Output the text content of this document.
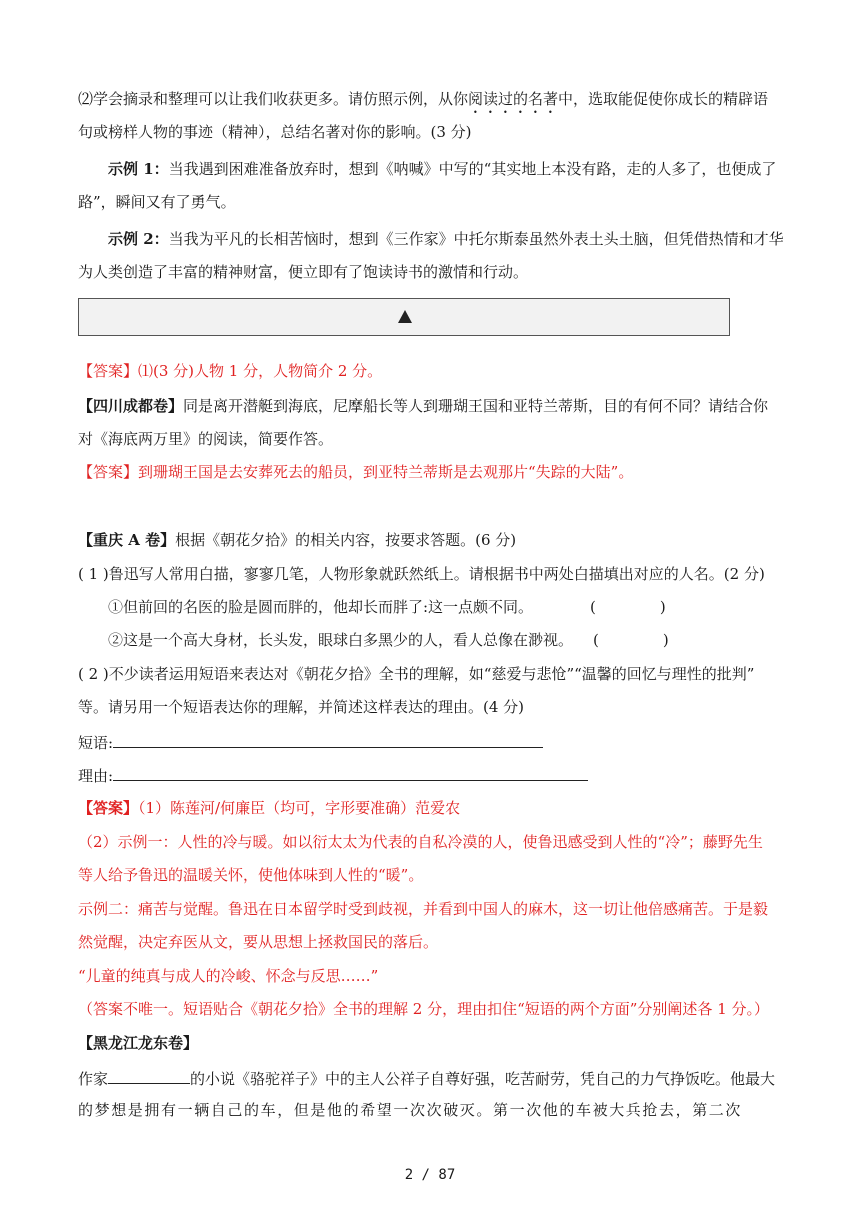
⑵学会摘录和整理可以让我们收获更多。请仿照示例，从你阅读过的名著中，选取能促使你成长的精辟语
句或榜样人物的事迹（精神），总结名著对你的影响。(3 分)
示例 1：当我遇到困难准备放弃时，想到《呐喊》中写的“其实地上本没有路，走的人多了，也便成了
路”，瞬间又有了勇气。
示例 2：当我为平凡的长相苦恼时，想到《三作家》中托尔斯泰虽然外表土头土脑，但凭借热情和才华
为人类创造了丰富的精神财富，便立即有了饱读诗书的激情和行动。
【答案】⑴(3 分)人物 1 分，人物简介 2 分。
【四川成都卷】同是离开潜艇到海底，尼摩船长等人到珊瑚王国和亚特兰蒂斯，目的有何不同？请结合你
对《海底两万里》的阅读，简要作答。
【答案】到珊瑚王国是去安葬死去的船员，到亚特兰蒂斯是去观那片“失踪的大陆”。
【重庆 A 卷】根据《朝花夕拾》的相关内容，按要求答题。(6 分)
( 1 )鲁迅写人常用白描，寥寥几笔，人物形象就跃然纸上。请根据书中两处白描填出对应的人名。(2 分)
①但前回的名医的脸是圆而胖的，他却长而胖了:这一点颇不同。	(	)
②这是一个高大身材，长头发，眼球白多黑少的人，看人总像在渺视。 (	)
( 2 )不少读者运用短语来表达对《朝花夕拾》全书的理解，如“慈爱与悲怆”“温馨的回忆与理性的批判”
等。请另用一个短语表达你的理解，并简述这样表达的理由。(4 分)
短语:
理由:
【答案】（1）陈莲河/何廉臣（均可，字形要准确）范爱农
（2）示例一：人性的冷与暖。如以衍太太为代表的自私冷漠的人，使鲁迅感受到人性的“冷”；藤野先生
等人给予鲁迅的温暖关怀，使他体味到人性的“暖”。
示例二：痛苦与觉醒。鲁迅在日本留学时受到歧视，并看到中国人的麻木，这一切让他倍感痛苦。于是毅
然觉醒，决定弃医从文，要从思想上拯救国民的落后。
“儿童的纯真与成人的冷峻、怀念与反思……”
（答案不唯一。短语贴合《朝花夕拾》全书的理解 2 分，理由扣住“短语的两个方面”分别阐述各 1 分。）
【黑龙江龙东卷】
作家	的小说《骆驼祥子》中的主人公祥子自尊好强，吃苦耐劳，凭自己的力气挣饭吃。他最大
的梦想是拥有一辆自己的车，但是他的希望一次次破灭。第一次他的车被大兵抢去，第二次
2 / 87
